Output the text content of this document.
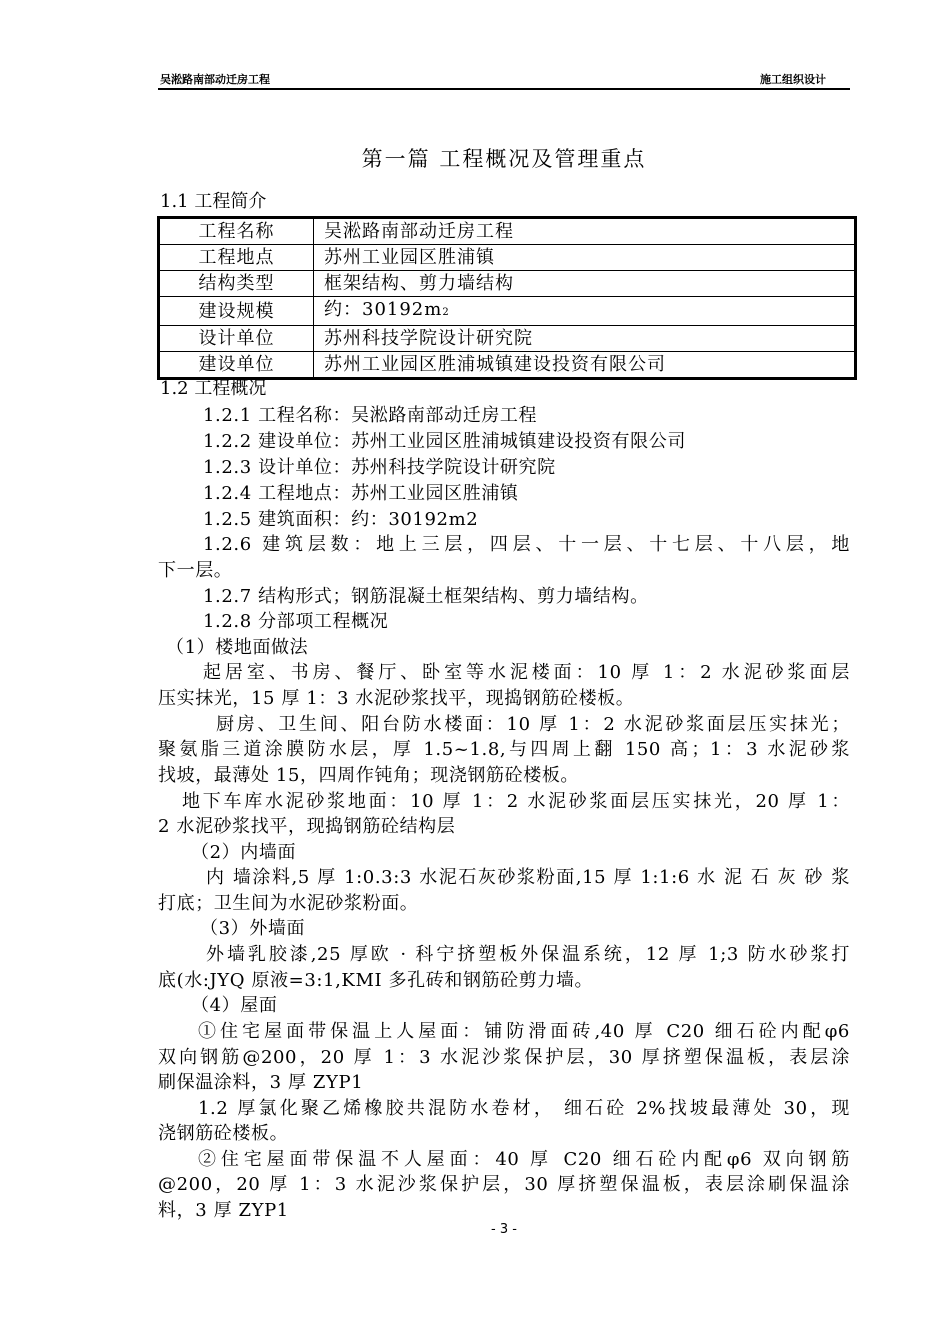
吴淞路南部动迁房工程	施工组织设计
第一篇 工程概况及管理重点
1.1 工程简介
工程名称	吴淞路南部动迁房工程
工程地点	苏州工业园区胜浦镇
结构类型	框架结构、剪力墙结构
建设规模	约：30192m2
设计单位	苏州科技学院设计研究院
建设单位	苏州工业园区胜浦城镇建设投资有限公司
1.2 工程概况
1.2.1 工程名称：吴淞路南部动迁房工程
1.2.2 建设单位：苏州工业园区胜浦城镇建设投资有限公司
1.2.3 设计单位：苏州科技学院设计研究院
1.2.4 工程地点：苏州工业园区胜浦镇
1.2.5 建筑面积：约：30192m2
1.2.6 建筑层数：地上三层，四层、十一层、十七层、十八层，地
下一层。
1.2.7 结构形式；钢筋混凝土框架结构、剪力墙结构。
1.2.8 分部项工程概况
（1）楼地面做法
起居室、书房、餐厅、卧室等水泥楼面：10 厚 1：2 水泥砂浆面层
压实抹光，15 厚 1：3 水泥砂浆找平，现捣钢筋砼楼板。
厨房、卫生间、阳台防水楼面：10 厚 1：2 水泥砂浆面层压实抹光；
聚氨脂三道涂膜防水层，厚 1.5~1.8,与四周上翻 150 高；1：3 水泥砂浆
找坡，最薄处 15，四周作钝角；现浇钢筋砼楼板。
地下车库水泥砂浆地面：10 厚 1：2 水泥砂浆面层压实抹光，20 厚 1：
2 水泥砂浆找平，现捣钢筋砼结构层
（2）内墙面
内 墙涂料,5 厚 1:0.3:3 水泥石灰砂浆粉面,15 厚 1:1:6 水 泥 石 灰 砂 浆
打底；卫生间为水泥砂浆粉面。
（3）外墙面
外墙乳胶漆,25 厚欧 · 科宁挤塑板外保温系统，12 厚 1;3 防水砂浆打
底(水:JYQ 原液=3:1,KMI 多孔砖和钢筋砼剪力墙。
（4）屋面
①住宅屋面带保温上人屋面：铺防滑面砖,40 厚 C20 细石砼内配φ6
双向钢筋@200，20 厚 1：3 水泥沙浆保护层，30 厚挤塑保温板，表层涂
刷保温涂料，3 厚 ZYP1
1.2 厚氯化聚乙烯橡胶共混防水卷材， 细石砼 2%找坡最薄处 30，现
浇钢筋砼楼板。
②住宅屋面带保温不人屋面：40 厚 C20 细石砼内配φ6 双向钢筋
@200，20 厚 1：3 水泥沙浆保护层，30 厚挤塑保温板，表层涂刷保温涂
料，3 厚 ZYP1
- 3 -
